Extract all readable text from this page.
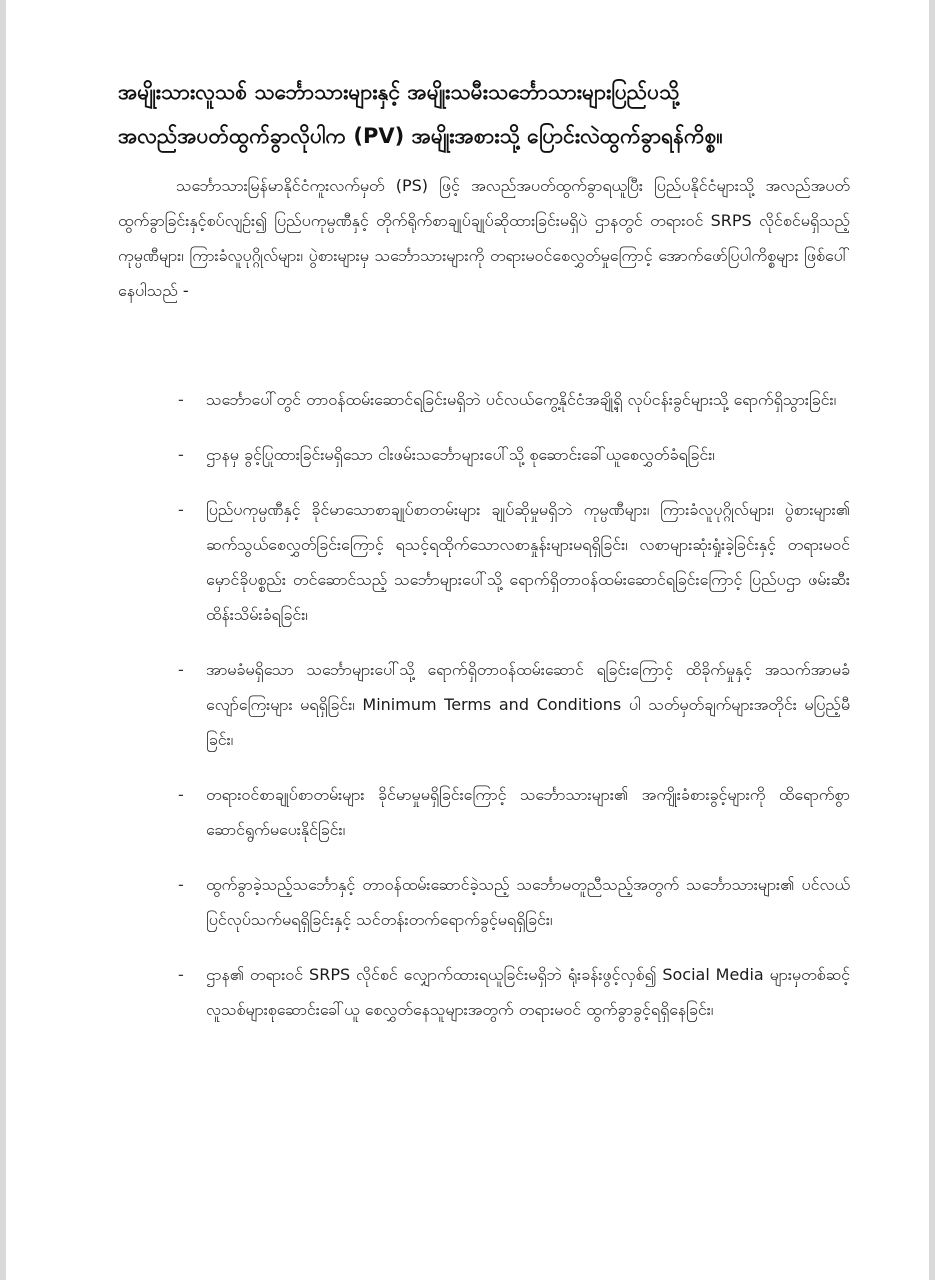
အမျိုးသားလူသစ် သင်္ဘောသားများနှင့် အမျိုးသမီးသင်္ဘောသားများပြည်ပသို့
အလည်အပတ်ထွက်ခွာလိုပါက (PV) အမျိုးအစားသို့ ပြောင်းလဲထွက်ခွာရန်ကိစ္စ။

သင်္ဘောသားမြန်မာနိုင်ငံကူးလက်မှတ် (PS) ဖြင့် အလည်အပတ်ထွက်ခွာရယူပြီး ပြည်ပနိုင်ငံများသို့ အလည်အပတ်ထွက်ခွာခြင်းနှင့်စပ်လျဉ်း၍ ပြည်ပကုမ္ပဏီနှင့် တိုက်ရိုက်စာချုပ်ချုပ်ဆိုထားခြင်းမရှိပဲ ဌာနတွင် တရားဝင် SRPS လိုင်စင်မရှိသည့် ကုမ္ပဏီများ၊ ကြားခံလူပုဂ္ဂိုလ်များ၊ ပွဲစားများမှ သင်္ဘောသားများကို တရားမဝင်စေလွှတ်မှုကြောင့် အောက်ဖော်ပြပါကိစ္စများ ဖြစ်ပေါ်နေပါသည် -

-	သင်္ဘောပေါ်တွင် တာဝန်ထမ်းဆောင်ရခြင်းမရှိဘဲ ပင်လယ်ကွေ့နိုင်ငံအချို့ရှိ လုပ်ငန်းခွင်များသို့ ရောက်ရှိသွားခြင်း၊
-	ဌာနမှ ခွင့်ပြုထားခြင်းမရှိသော ငါးဖမ်းသင်္ဘောများပေါ်သို့ စုဆောင်းခေါ်ယူစေလွှတ်ခံရခြင်း၊
-	ပြည်ပကုမ္ပဏီနှင့် ခိုင်မာသောစာချုပ်စာတမ်းများ ချုပ်ဆိုမှုမရှိဘဲ ကုမ္ပဏီများ၊ ကြားခံလူပုဂ္ဂိုလ်များ၊ ပွဲစားများ၏ ဆက်သွယ်စေလွှတ်ခြင်းကြောင့် ရသင့်ရထိုက်သောလစာနှုန်းများမရရှိခြင်း၊ လစာများဆုံးရှုံးခဲ့ခြင်းနှင့် တရားမဝင်မှောင်ခိုပစ္စည်း တင်ဆောင်သည့် သင်္ဘောများပေါ်သို့ ရောက်ရှိတာဝန်ထမ်းဆောင်ရခြင်းကြောင့် ပြည်ပဌာ ဖမ်းဆီးထိန်းသိမ်းခံရခြင်း၊
-	အာမခံမရှိသော သင်္ဘောများပေါ်သို့ ရောက်ရှိတာဝန်ထမ်းဆောင် ရခြင်းကြောင့် ထိခိုက်မှုနှင့် အသက်အာမခံလျော်ကြေးများ မရရှိခြင်း၊ Minimum Terms and Conditions ပါ သတ်မှတ်ချက်များအတိုင်း မပြည့်မီခြင်း၊
-	တရားဝင်စာချုပ်စာတမ်းများ ခိုင်မာမှုမရှိခြင်းကြောင့် သင်္ဘောသားများ၏ အကျိုးခံစားခွင့်များကို ထိရောက်စွာ ဆောင်ရွက်မပေးနိုင်ခြင်း၊
-	ထွက်ခွာခဲ့သည့်သင်္ဘောနှင့် တာဝန်ထမ်းဆောင်ခဲ့သည့် သင်္ဘောမတူညီသည့်အတွက် သင်္ဘောသားများ၏ ပင်လယ်ပြင်လုပ်သက်မရရှိခြင်းနှင့် သင်တန်းတက်ရောက်ခွင့်မရရှိခြင်း၊
-	ဌာန၏ တရားဝင် SRPS လိုင်စင် လျှောက်ထားရယူခြင်းမရှိဘဲ ရုံးခန်းဖွင့်လှစ်၍ Social Media များမှတစ်ဆင့် လူသစ်များစုဆောင်းခေါ်ယူ စေလွှတ်နေသူများအတွက် တရားမဝင် ထွက်ခွာခွင့်ရရှိနေခြင်း၊
